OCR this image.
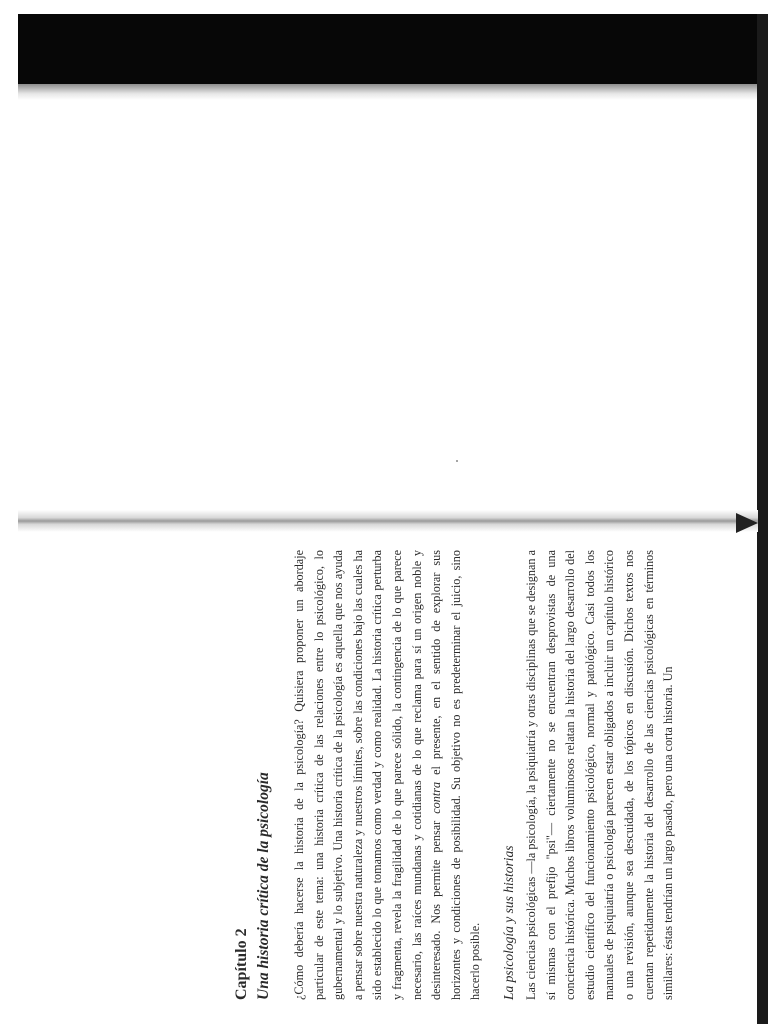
Capítulo 2 Una historia crítica de la psicología ¿Cómo debería hacerse la historia de la psicología? Quisiera proponer un abordaje particular de este tema: una historia crítica de las relaciones entre lo psicológico, lo gubernamental y lo subjetivo. Una historia crítica de la psicología es aquella que nos ayuda a pensar sobre nuestra naturaleza y nuestros límites, sobre las condiciones bajo las cuales ha sido establecido lo que tomamos como verdad y como realidad. La historia crítica perturba y fragmenta, revela la fragilidad de lo que parece sólido, la contingencia de lo que parece necesario, las raíces mundanas y cotidianas de lo que reclama para sí un origen noble y desinteresado. Nos permite pensar contra el presente, en el sentido de explorar sus horizontes y condiciones de posibilidad. Su objetivo no es predeterminar el juicio, sino hacerlo posible. La psicología y sus historias Las ciencias psicológicas —la psicología, la psiquiatría y otras disciplinas que se designan a sí mismas con el prefijo "psi"— ciertamente no se encuentran desprovistas de una conciencia histórica. Muchos libros voluminosos relatan la historia del largo desarrollo del estudio científico del funcionamiento psicológico, normal y patológico. Casi todos los manuales de psiquiatría o psicología parecen estar obligados a incluir un capítulo histórico o una revisión, aunque sea descuidada, de los tópicos en discusión. Dichos textos nos cuentan repetidamente la historia del desarrollo de las ciencias psicológicas en términos similares: éstas tendrían un largo pasado, pero una corta historia. Un
